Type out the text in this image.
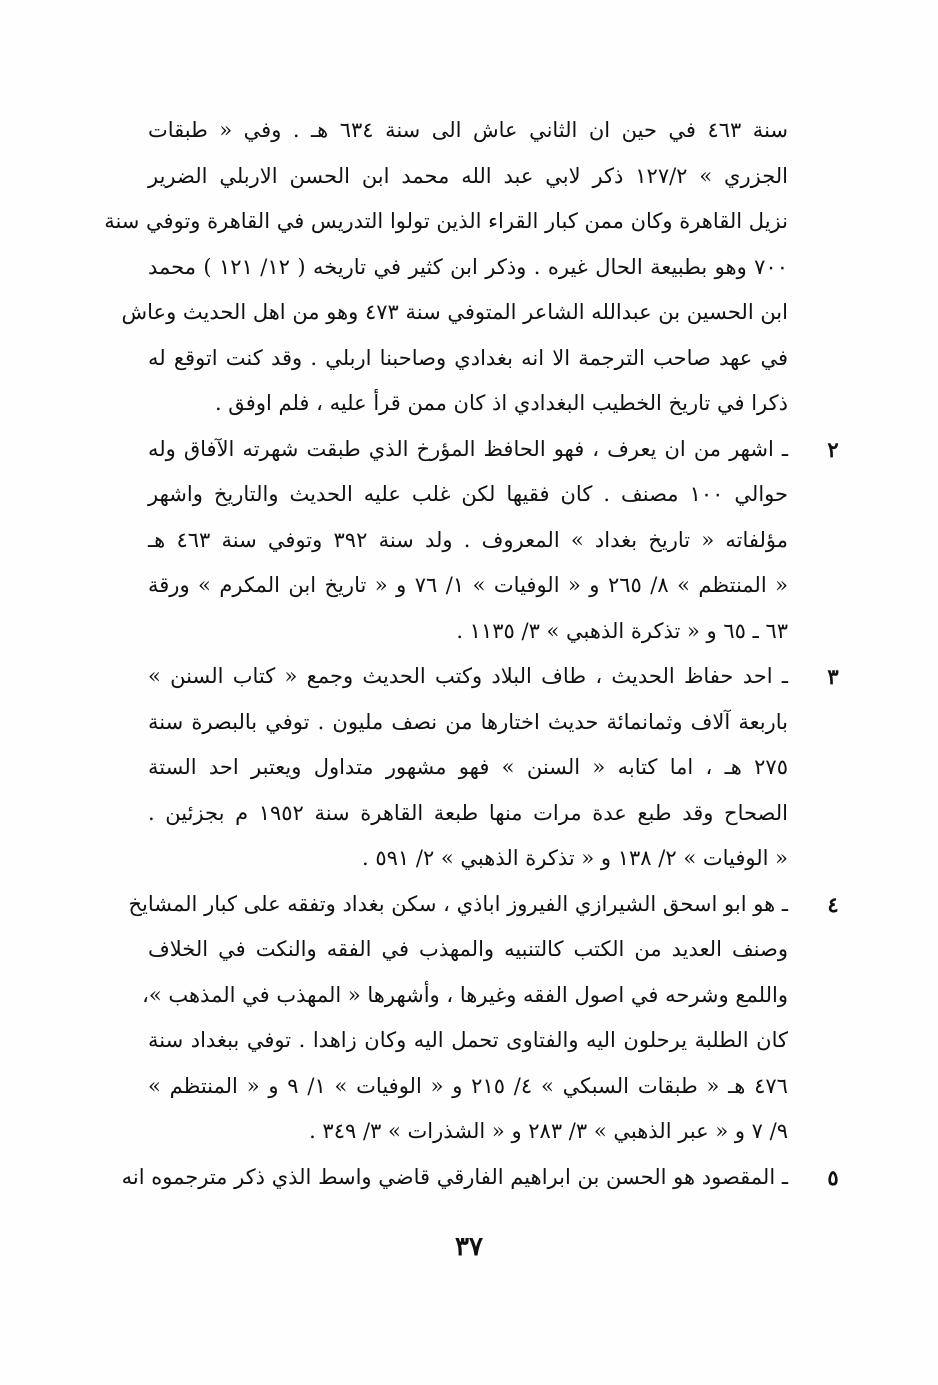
سنة ٤٦٣ في حين ان الثاني عاش الى سنة ٦٣٤ هـ . وفي « طبقات
الجزري » ١٢٧/٢ ذكر لابي عبد الله محمد ابن الحسن الاربلي الضرير
نزيل القاهرة وكان ممن كبار القراء الذين تولوا التدريس في القاهرة وتوفي سنة
٧٠٠ وهو بطبيعة الحال غيره . وذكر ابن كثير في تاريخه ( ١٢/ ١٢١ ) محمد
ابن الحسين بن عبدالله الشاعر المتوفي سنة ٤٧٣ وهو من اهل الحديث وعاش
في عهد صاحب الترجمة الا انه بغدادي وصاحبنا اربلي . وقد كنت اتوقع له
ذكرا في تاريخ الخطيب البغدادي اذ كان ممن قرأ عليه ، فلم اوفق .
٢
ـ اشهر من ان يعرف ، فهو الحافظ المؤرخ الذي طبقت شهرته الآفاق وله
حوالي ١٠٠ مصنف . كان فقيها لكن غلب عليه الحديث والتاريخ واشهر
مؤلفاته « تاريخ بغداد » المعروف . ولد سنة ٣٩٢ وتوفي سنة ٤٦٣ هـ
« المنتظم » ٨/ ٢٦٥ و « الوفيات » ١/ ٧٦ و « تاريخ ابن المكرم » ورقة
٦٣ ـ ٦٥ و « تذكرة الذهبي » ٣/ ١١٣٥ .
٣
ـ احد حفاظ الحديث ، طاف البلاد وكتب الحديث وجمع « كتاب السنن »
باربعة آلاف وثمانمائة حديث اختارها من نصف مليون . توفي بالبصرة سنة
٢٧٥ هـ ، اما كتابه « السنن » فهو مشهور متداول ويعتبر احد الستة
الصحاح وقد طبع عدة مرات منها طبعة القاهرة سنة ١٩٥٢ م بجزئين .
« الوفيات » ٢/ ١٣٨ و « تذكرة الذهبي » ٢/ ٥٩١ .
٤
ـ هو ابو اسحق الشيرازي الفيروز اباذي ، سكن بغداد وتفقه على كبار المشايخ
وصنف العديد من الكتب كالتنبيه والمهذب في الفقه والنكت في الخلاف
واللمع وشرحه في اصول الفقه وغيرها ، وأشهرها « المهذب في المذهب »،
كان الطلبة يرحلون اليه والفتاوى تحمل اليه وكان زاهدا . توفي ببغداد سنة
٤٧٦ هـ « طبقات السبكي » ٤/ ٢١٥ و « الوفيات » ١/ ٩ و « المنتظم »
٩/ ٧ و « عبر الذهبي » ٣/ ٢٨٣ و « الشذرات » ٣/ ٣٤٩ .
٥
ـ المقصود هو الحسن بن ابراهيم الفارقي قاضي واسط الذي ذكر مترجموه انه
٣٧
